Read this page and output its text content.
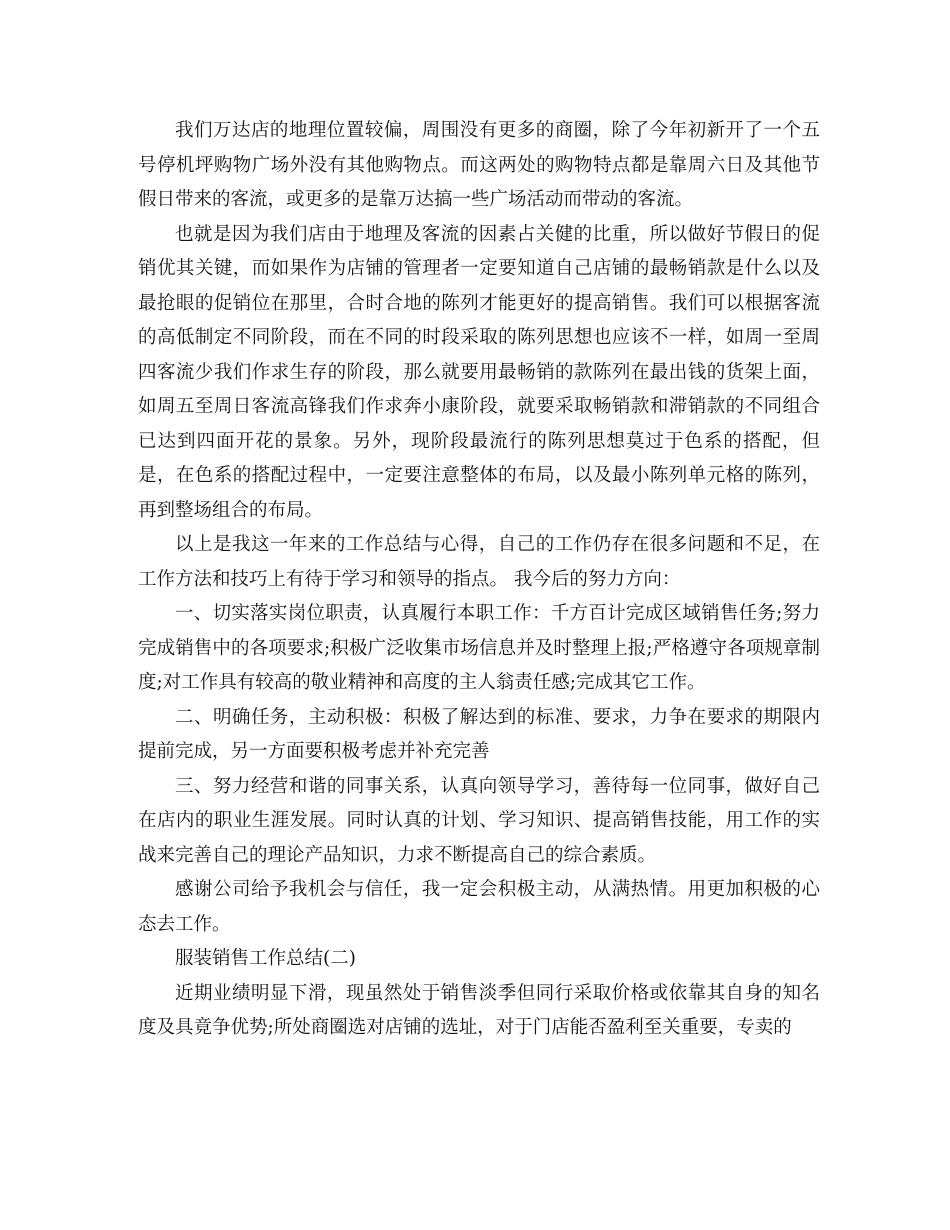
我们万达店的地理位置较偏，周围没有更多的商圈，除了今年初新开了一个五号停机坪购物广场外没有其他购物点。而这两处的购物特点都是靠周六日及其他节假日带来的客流，或更多的是靠万达搞一些广场活动而带动的客流。

也就是因为我们店由于地理及客流的因素占关健的比重，所以做好节假日的促销优其关键，而如果作为店铺的管理者一定要知道自己店铺的最畅销款是什么以及最抢眼的促销位在那里，合时合地的陈列才能更好的提高销售。我们可以根据客流的高低制定不同阶段，而在不同的时段采取的陈列思想也应该不一样，如周一至周四客流少我们作求生存的阶段，那么就要用最畅销的款陈列在最出钱的货架上面，如周五至周日客流高锋我们作求奔小康阶段，就要采取畅销款和滞销款的不同组合已达到四面开花的景象。另外，现阶段最流行的陈列思想莫过于色系的搭配，但是，在色系的搭配过程中，一定要注意整体的布局，以及最小陈列单元格的陈列，再到整场组合的布局。

以上是我这一年来的工作总结与心得，自己的工作仍存在很多问题和不足，在工作方法和技巧上有待于学习和领导的指点。 我今后的努力方向：

一、切实落实岗位职责，认真履行本职工作：千方百计完成区域销售任务;努力完成销售中的各项要求;积极广泛收集市场信息并及时整理上报;严格遵守各项规章制度;对工作具有较高的敬业精神和高度的主人翁责任感;完成其它工作。

二、明确任务，主动积极：积极了解达到的标准、要求，力争在要求的期限内提前完成，另一方面要积极考虑并补充完善

三、努力经营和谐的同事关系，认真向领导学习，善待每一位同事，做好自己在店内的职业生涯发展。同时认真的计划、学习知识、提高销售技能，用工作的实战来完善自己的理论产品知识，力求不断提高自己的综合素质。

感谢公司给予我机会与信任，我一定会积极主动，从满热情。用更加积极的心态去工作。

服装销售工作总结(二)

近期业绩明显下滑，现虽然处于销售淡季但同行采取价格或依靠其自身的知名度及具竟争优势;所处商圈选对店铺的选址，对于门店能否盈利至关重要，专卖的
